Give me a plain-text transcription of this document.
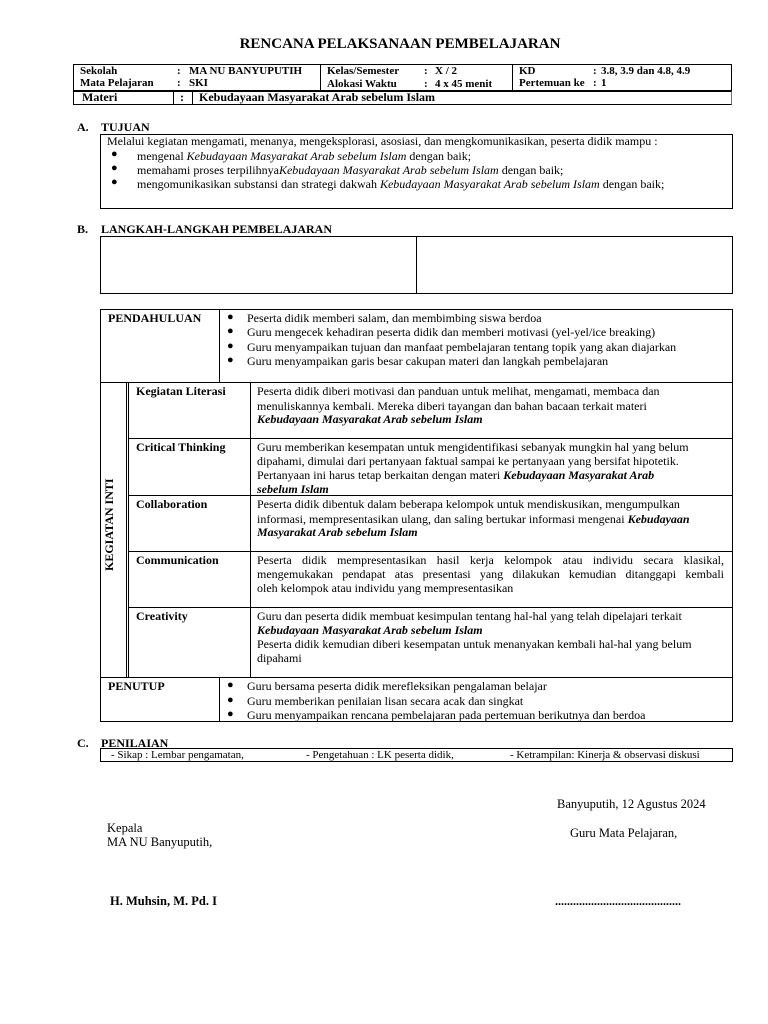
RENCANA PELAKSANAAN PEMBELAJARAN
Sekolah	: MA NU BANYUPUTIH
Mata Pelajaran : SKI
Kelas/Semester : X / 2
Alokasi Waktu : 4 x 45 menit
KD	: 3.8, 3.9 dan 4.8, 4.9
Pertemuan ke : 1
Materi	: Kebudayaan Masyarakat Arab sebelum Islam
A. TUJUAN
Melalui kegiatan mengamati, menanya, mengeksplorasi, asosiasi, dan mengkomunikasikan, peserta didik mampu :
● mengenal Kebudayaan Masyarakat Arab sebelum Islam dengan baik;
● memahami proses terpilihnyaKebudayaan Masyarakat Arab sebelum Islam dengan baik;
● mengomunikasikan substansi dan strategi dakwah Kebudayaan Masyarakat Arab sebelum Islam dengan baik;
B. LANGKAH-LANGKAH PEMBELAJARAN
PENDAHULUAN ● Peserta didik memberi salam, dan membimbing siswa berdoa
● Guru mengecek kehadiran peserta didik dan memberi motivasi (yel-yel/ice breaking)
● Guru menyampaikan tujuan dan manfaat pembelajaran tentang topik yang akan diajarkan
● Guru menyampaikan garis besar cakupan materi dan langkah pembelajaran
KEGIATAN INTI
Kegiatan Literasi	Peserta didik diberi motivasi dan panduan untuk melihat, mengamati, membaca dan
menuliskannya kembali. Mereka diberi tayangan dan bahan bacaan terkait materi
Kebudayaan Masyarakat Arab sebelum Islam
Critical Thinking	Guru memberikan kesempatan untuk mengidentifikasi sebanyak mungkin hal yang belum
dipahami, dimulai dari pertanyaan faktual sampai ke pertanyaan yang bersifat hipotetik.
Pertanyaan ini harus tetap berkaitan dengan materi Kebudayaan Masyarakat Arab
sebelum Islam
Collaboration	Peserta didik dibentuk dalam beberapa kelompok untuk mendiskusikan, mengumpulkan
informasi, mempresentasikan ulang, dan saling bertukar informasi mengenai Kebudayaan
Masyarakat Arab sebelum Islam
Communication	Peserta didik mempresentasikan hasil kerja kelompok atau individu secara klasikal,
mengemukakan pendapat atas presentasi yang dilakukan kemudian ditanggapi kembali
oleh kelompok atau individu yang mempresentasikan
Creativity	Guru dan peserta didik membuat kesimpulan tentang hal-hal yang telah dipelajari terkait
Kebudayaan Masyarakat Arab sebelum Islam
Peserta didik kemudian diberi kesempatan untuk menanyakan kembali hal-hal yang belum
dipahami
PENUTUP	● Guru bersama peserta didik merefleksikan pengalaman belajar
● Guru memberikan penilaian lisan secara acak dan singkat
● Guru menyampaikan rencana pembelajaran pada pertemuan berikutnya dan berdoa
C. PENILAIAN
- Sikap : Lembar pengamatan,	- Pengetahuan : LK peserta didik,	- Ketrampilan: Kinerja & observasi diskusi
Banyuputih, 12 Agustus 2024
Kepala
MA NU Banyuputih,
Guru Mata Pelajaran,
H. Muhsin, M. Pd. I	..........................................
